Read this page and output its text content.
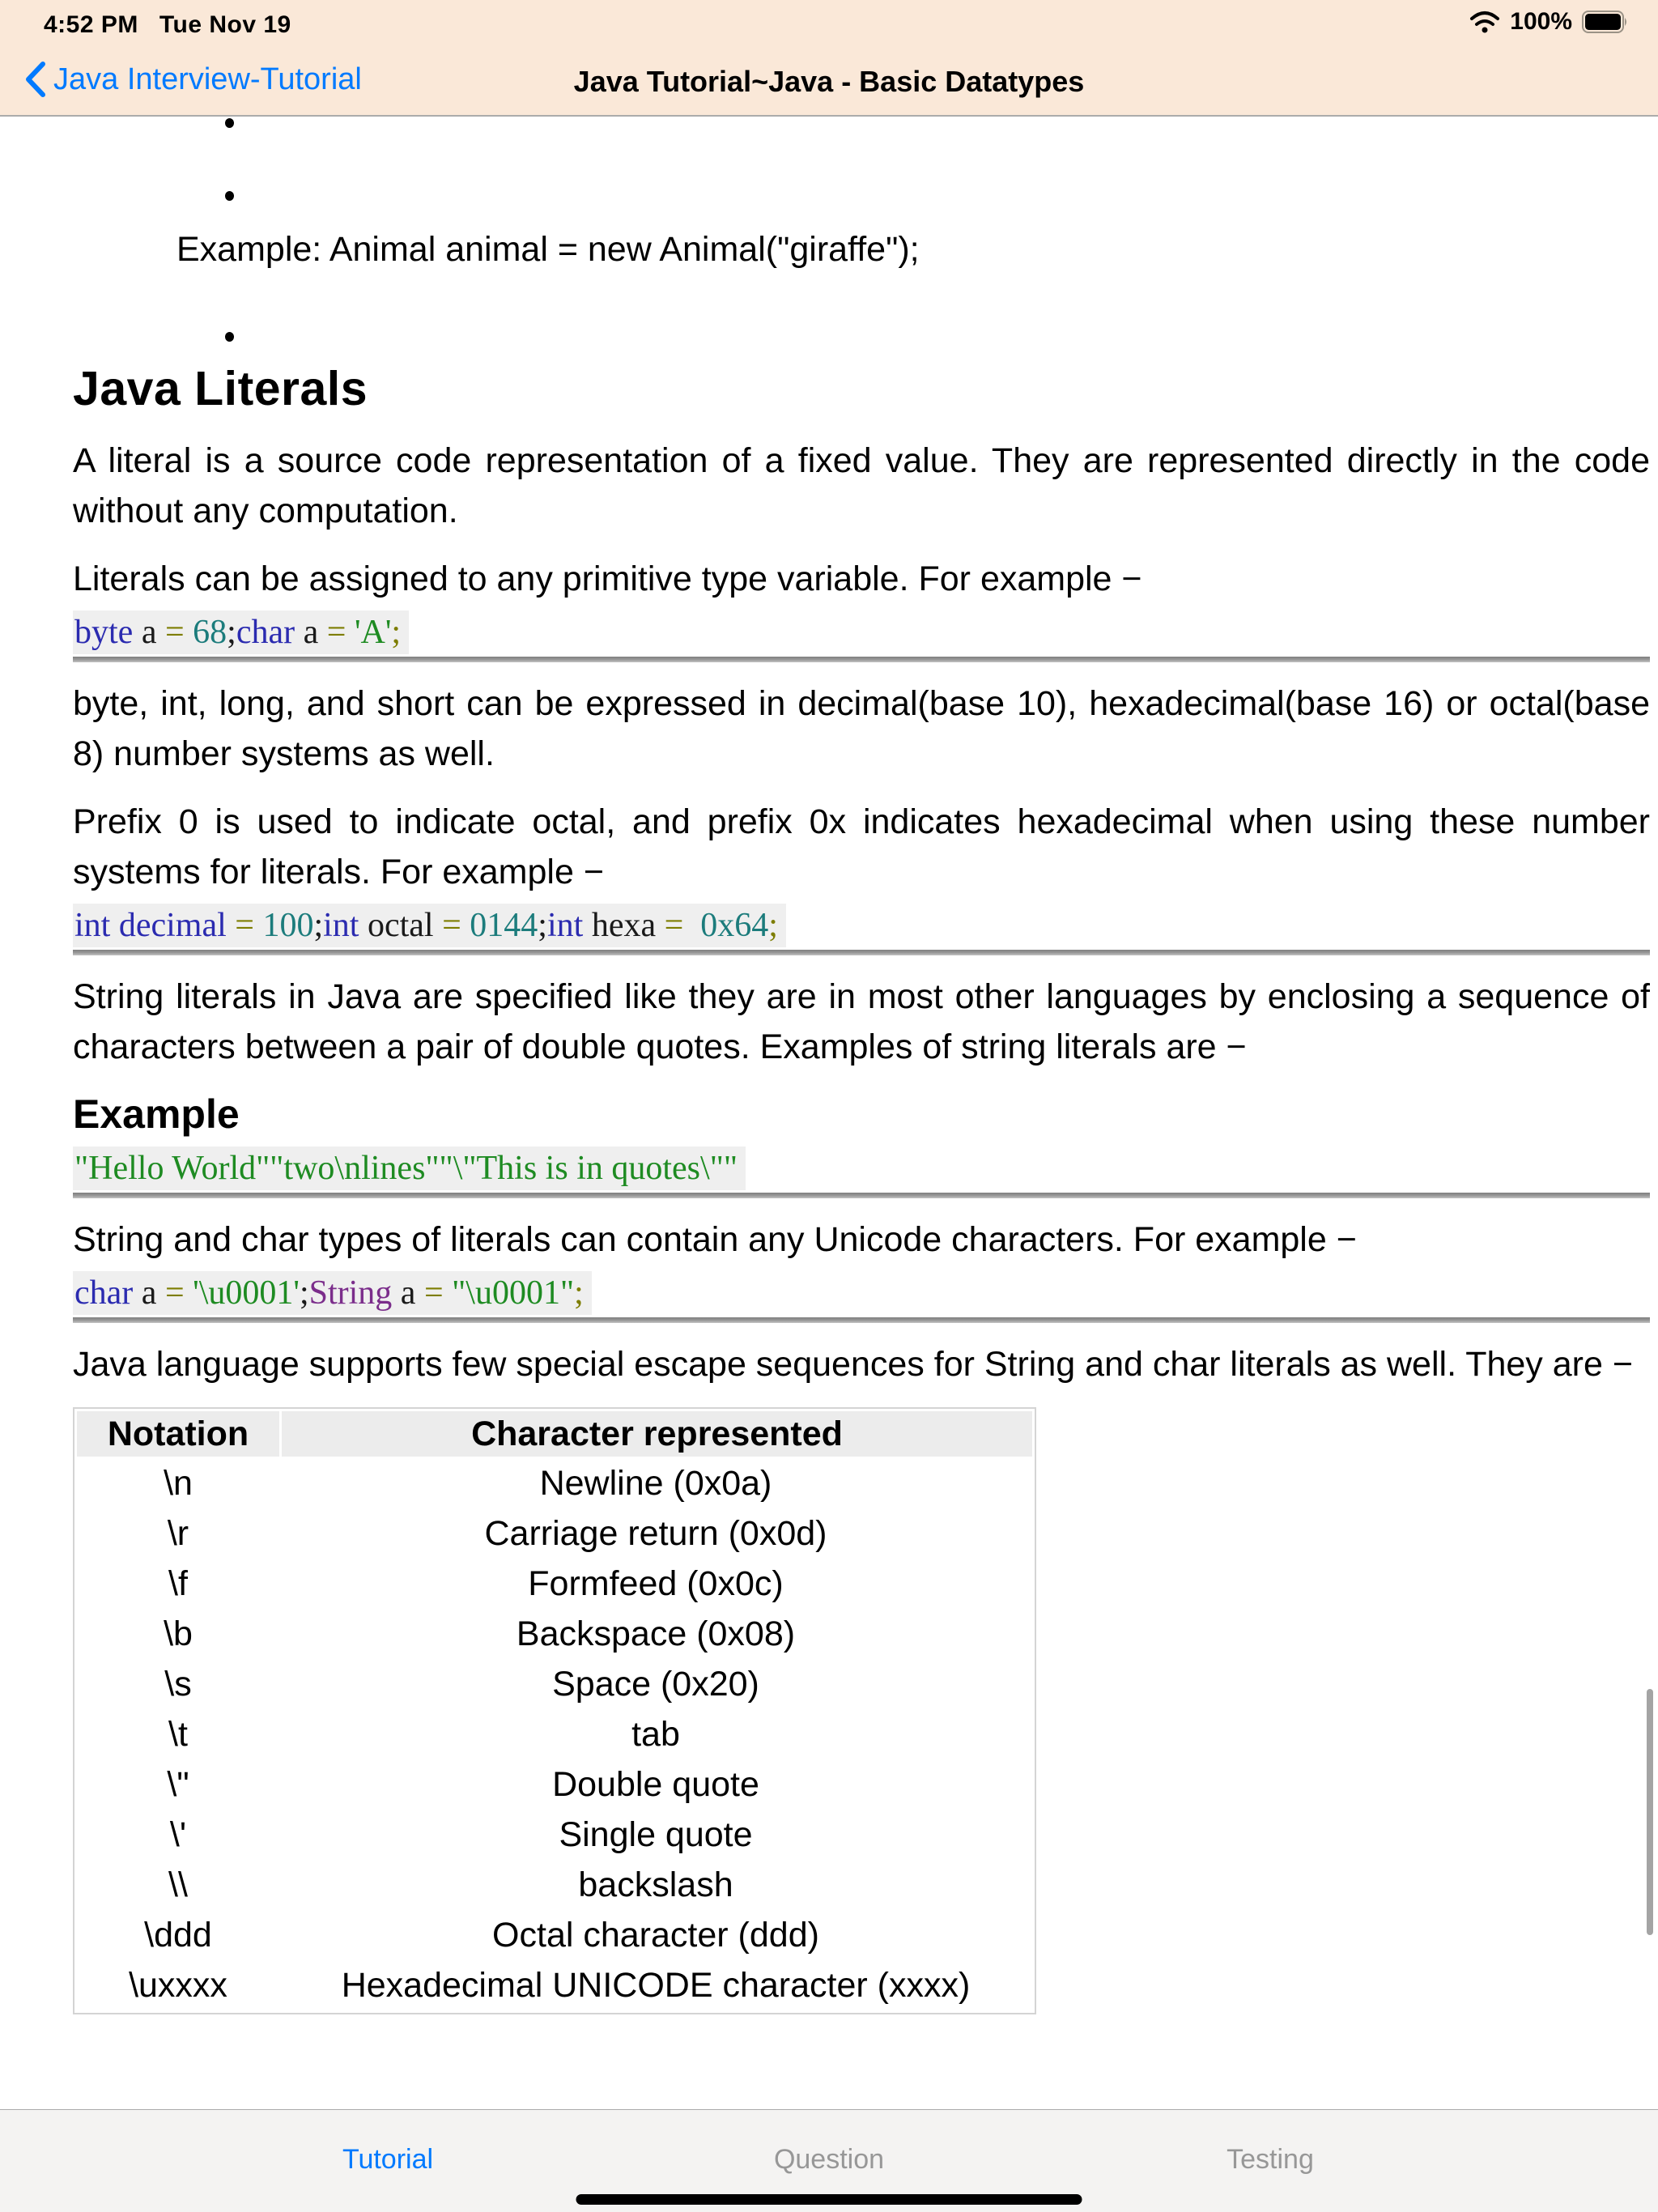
4:52 PM Tue Nov 19	100%
Java Interview-Tutorial	Java Tutorial~Java - Basic Datatypes
Example: Animal animal = new Animal("giraffe");
Java Literals

A literal is a source code representation of a fixed value. They are represented directly in the code without any computation.

Literals can be assigned to any primitive type variable. For example −

byte a = 68;char a = 'A';

byte, int, long, and short can be expressed in decimal(base 10), hexadecimal(base 16) or octal(base 8) number systems as well.

Prefix 0 is used to indicate octal, and prefix 0x indicates hexadecimal when using these number systems for literals. For example −

int decimal = 100;int octal = 0144;int hexa =  0x64;

String literals in Java are specified like they are in most other languages by enclosing a sequence of characters between a pair of double quotes. Examples of string literals are −

Example
"Hello World""two\nlines""\"This is in quotes\""

String and char types of literals can contain any Unicode characters. For example −

char a = '\u0001';String a = "\u0001";

Java language supports few special escape sequences for String and char literals as well. They are −

Notation	Character represented
\n	Newline (0x0a)
\r	Carriage return (0x0d)
\f	Formfeed (0x0c)
\b	Backspace (0x08)
\s	Space (0x20)
\t	tab
\"	Double quote
\'	Single quote
\\	backslash
\ddd	Octal character (ddd)
\uxxxx	Hexadecimal UNICODE character (xxxx)
Tutorial	Question	Testing
